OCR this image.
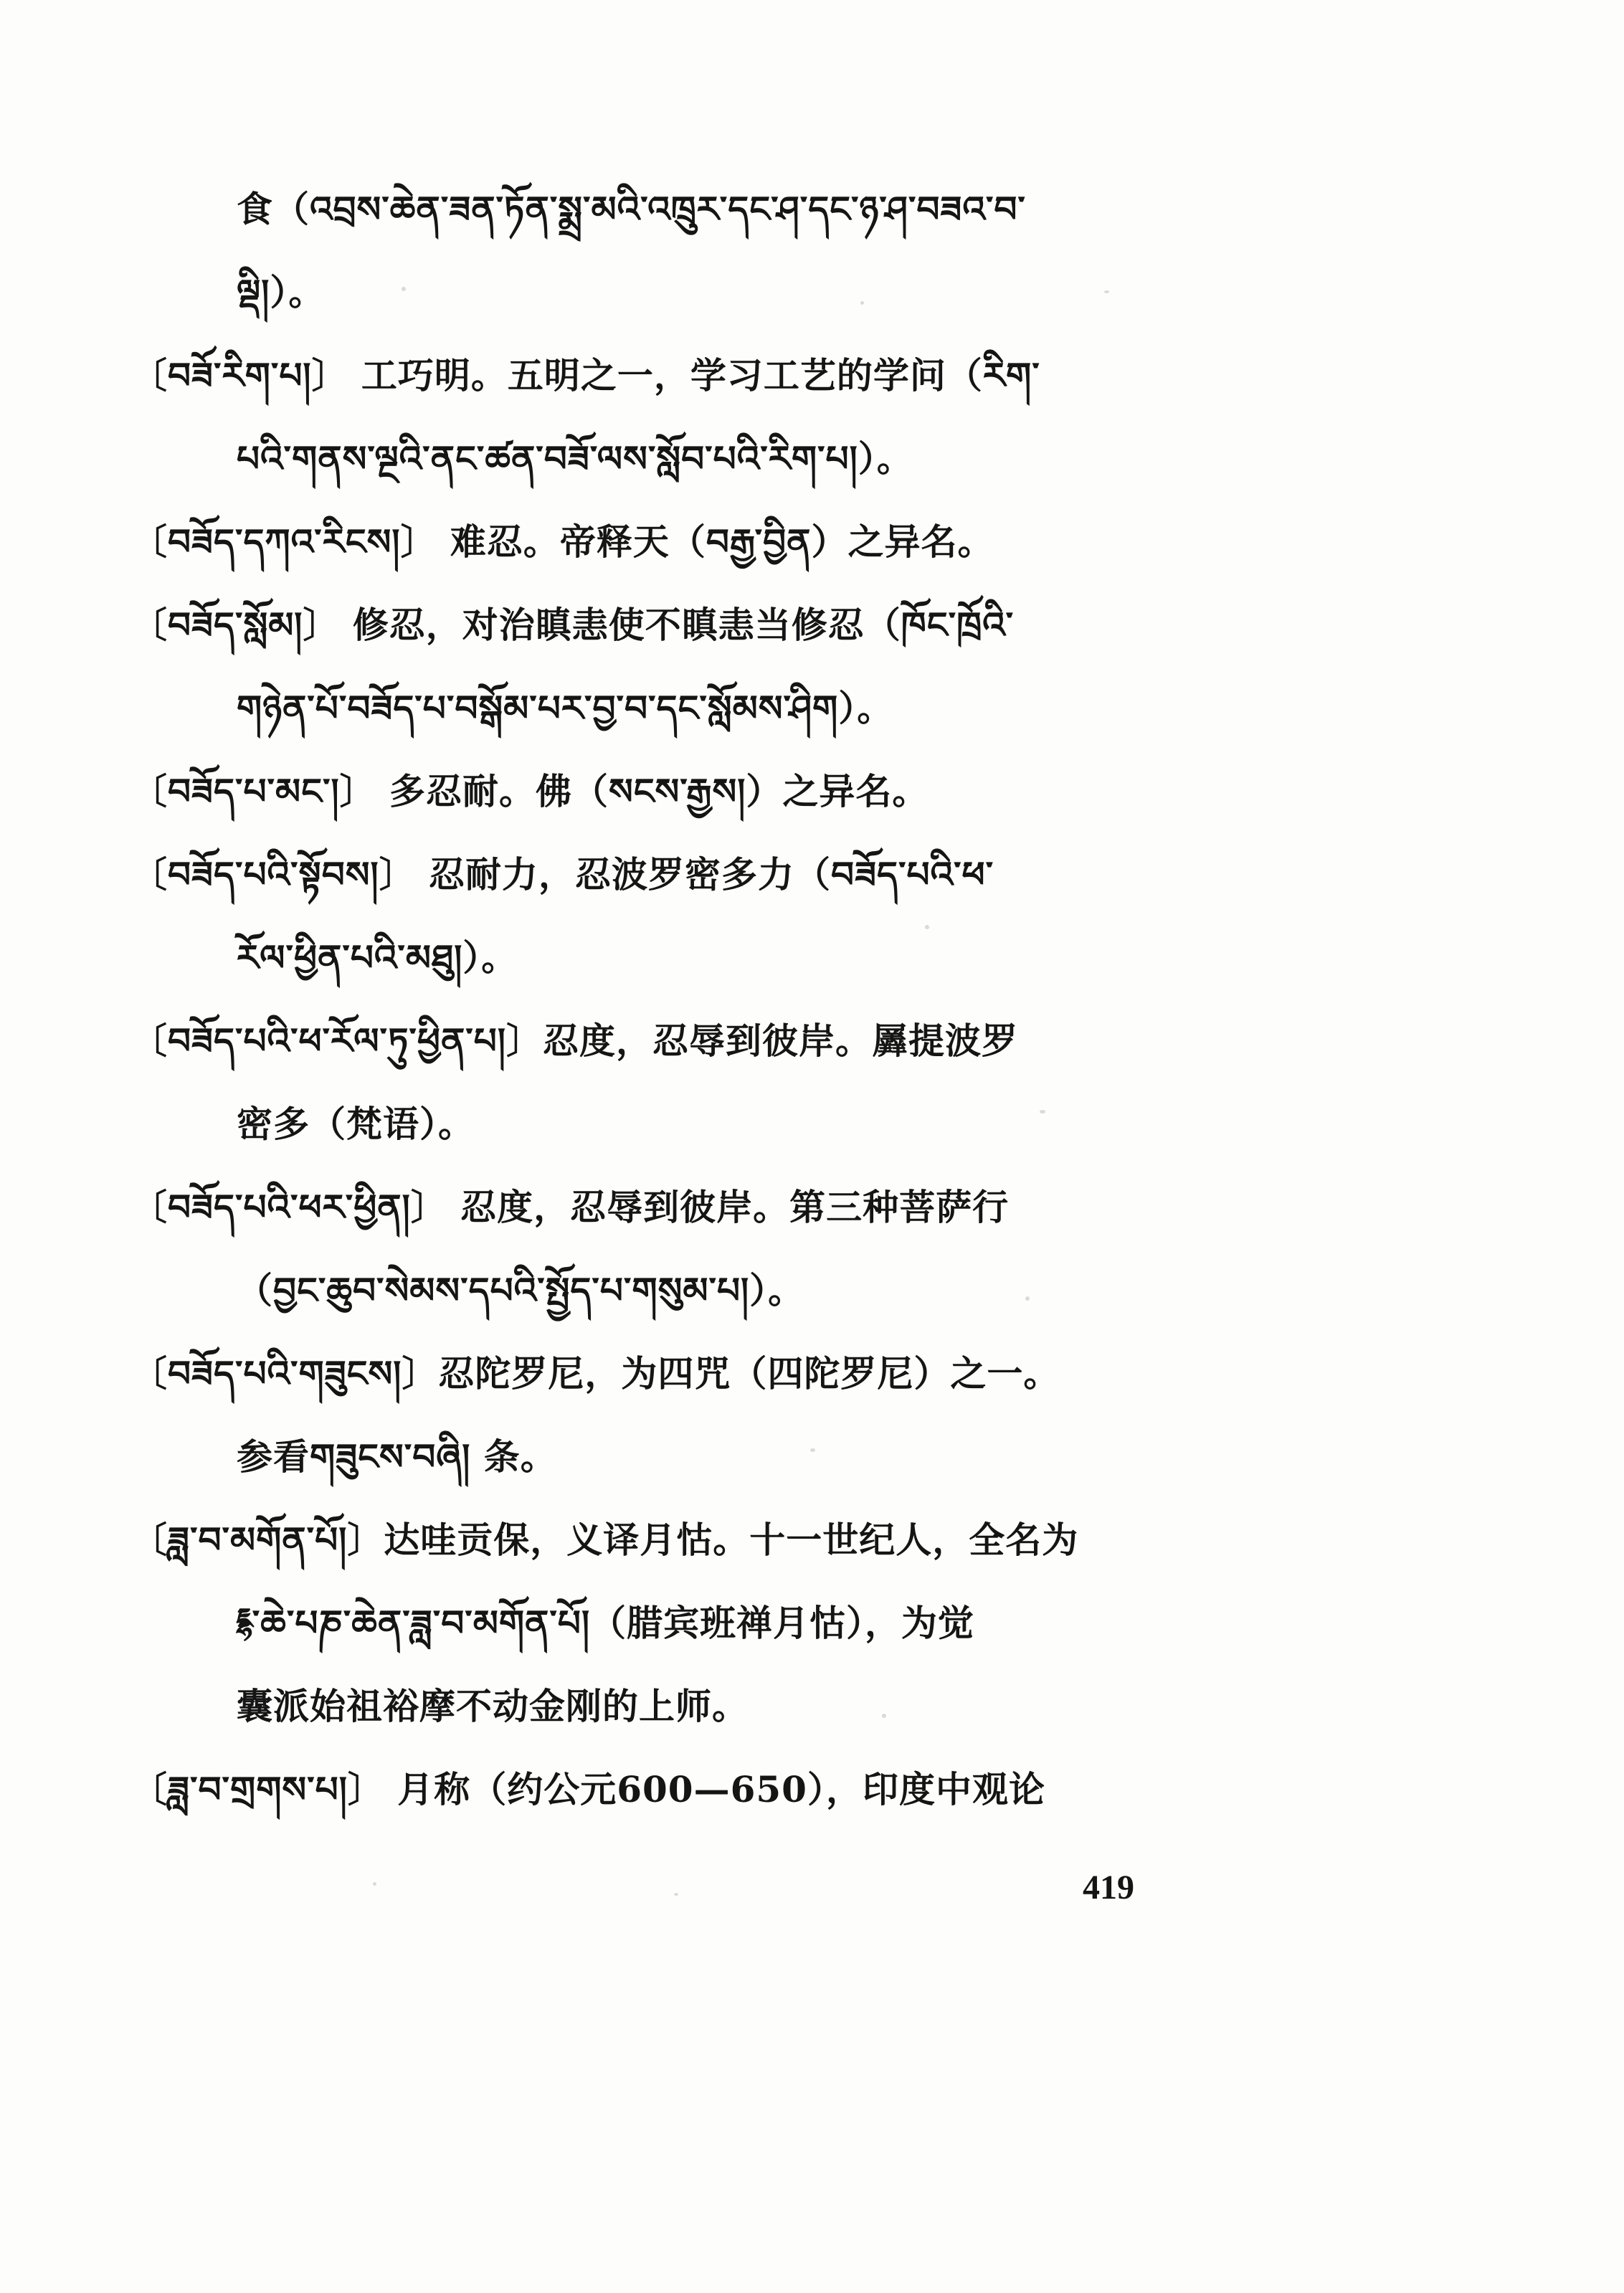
食（འབྲས་ཆེན་ཟན་ཏོན་སྨྲ་མའི་འཁྲུར་དང་ཤ་དང་ཉ་ཤ་བཟའ་བ་
ལྡི།）。
〔བཟོ་རིག་པ།〕 工巧明。五明之一，学习工艺的学问（རིག་
པའི་གནས་ལྔའི་ནང་ཚན་བཟོ་ལས་སློབ་པའི་རིག་པ།）。
〔བཟོད་དཀའ་རིངས།〕 难忍。帝释天（བརྒྱ་བྱིན）之异名。
〔བཟོད་སློམ།〕 修忍，对治瞋恚使不瞋恚当修忍（ཁོང་ཁྲོའི་
གཉེན་པོ་བཟོད་པ་བསྒོམ་པར་བྱ་བ་དང་སློམས་ཤིག）。
〔བཟོད་པ་མང་།〕 多忍耐。佛（སངས་རྒྱས།）之异名。
〔བཟོད་པའི་སྟོབས།〕 忍耐力，忍波罗密多力（བཟོད་པའི་ཕ་
རོལ་ཕྱིན་པའི་མཐུ།）。
〔བཟོད་པའི་ཕ་རོལ་ཏུ་ཕྱིན་པ།〕忍度，忍辱到彼岸。羼提波罗
密多（梵语）。
〔བཟོད་པའི་ཕར་ཕྱིན།〕 忍度，忍辱到彼岸。第三种菩萨行
（བྱང་ཆུབ་སེམས་དཔའི་སྤྱོད་པ་གསུམ་པ།）。
〔བཟོད་པའི་གཟུངས།〕忍陀罗尼，为四咒（四陀罗尼）之一。
参看གཟུངས་བཞི། 条。
〔ཟླ་བ་མགོན་པོ།〕达哇贡保，义译月怙。十一世纪人，全名为
཈་ཆེ་པཎ་ཆེན་ཟླ་བ་མགོན་པོ།（腊宾班禅月怙），为觉
囊派始祖裕摩不动金刚的上师。
〔ཟླ་བ་གྲགས་པ།〕 月称（约公元600—650），印度中观论
419
